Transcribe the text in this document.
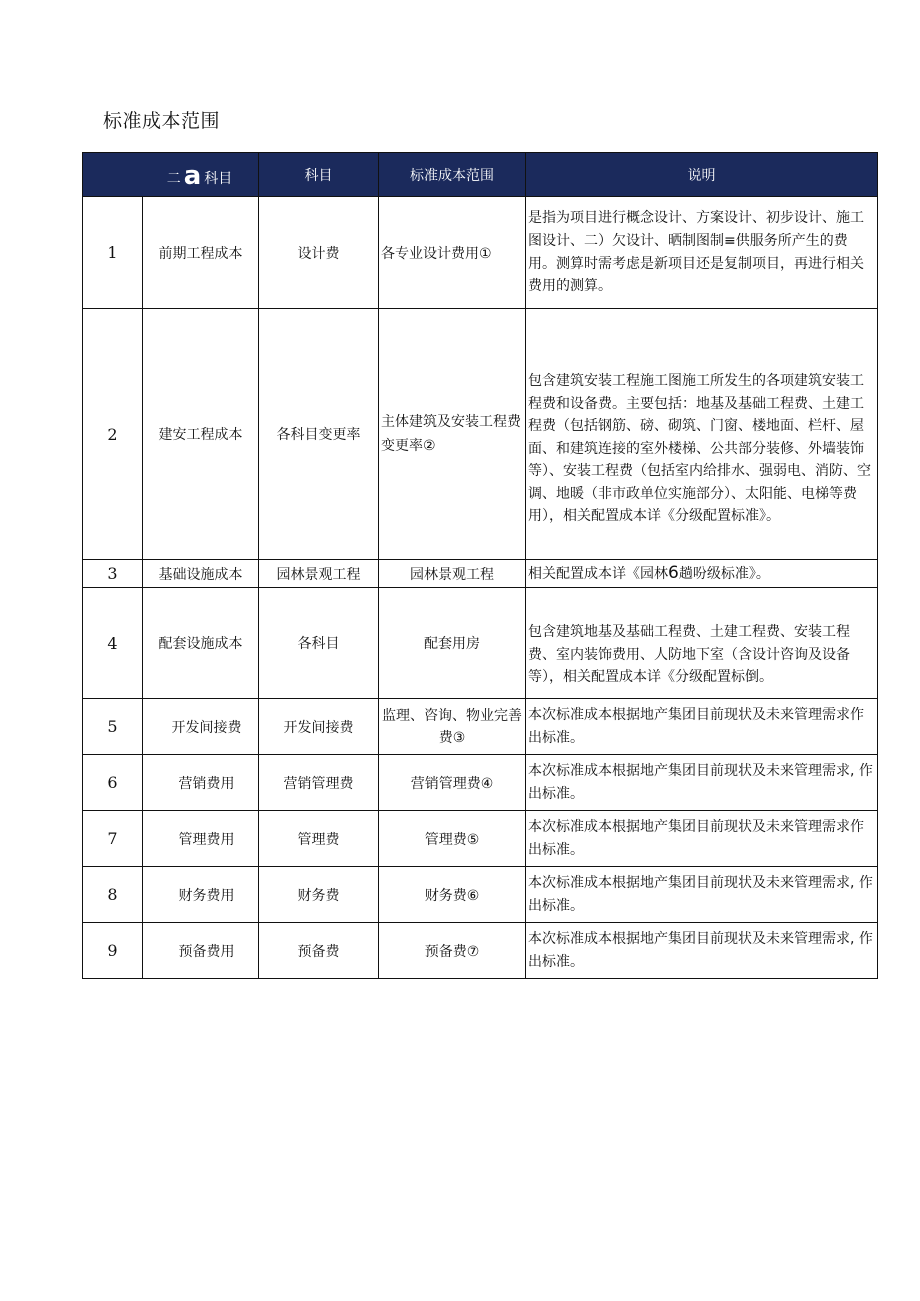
标准成本范围
二 a 科目		科目	标准成本范围	说明
1	前期工程成本	设计费	各专业设计费用①	是指为项目进行概念设计、方案设计、初步设计、施工图设计、二）欠设计、晒制图制≡供服务所产生的费用。测算时需考虑是新项目还是复制项目，再进行相关费用的测算。
2	建安工程成本	各科目变更率	主体建筑及安装工程费变更率②	包含建筑安装工程施工图施工所发生的各项建筑安装工程费和设备费。主要包括：地基及基础工程费、土建工程费（包括钢筋、磅、砌筑、门窗、楼地面、栏杆、屋面、和建筑连接的室外楼梯、公共部分装修、外墙装饰等）、安装工程费（包括室内给排水、强弱电、消防、空调、地暖（非市政单位实施部分）、太阳能、电梯等费用），相关配置成本详《分级配置标准》。
3	基础设施成本	园林景观工程	园林景观工程	相关配置成本详《园林6趟吩级标准》。
4	配套设施成本	各科目	配套用房	包含建筑地基及基础工程费、土建工程费、安装工程费、室内装饰费用、人防地下室（含设计咨询及设备等），相关配置成本详《分级配置标倒。
5	开发间接费	开发间接费	监理、咨询、物业完善费③	本次标准成本根据地产集团目前现状及未来管理需求作出标准。
6	营销费用	营销管理费	营销管理费④	本次标准成本根据地产集团目前现状及未来管理需求, 作出标准。
7	管理费用	管理费	管理费⑤	本次标准成本根据地产集团目前现状及未来管理需求作出标准。
8	财务费用	财务费	财务费⑥	本次标准成本根据地产集团目前现状及未来管理需求, 作出标准。
9	预备费用	预备费	预备费⑦	本次标准成本根据地产集团目前现状及未来管理需求, 作出标准。
